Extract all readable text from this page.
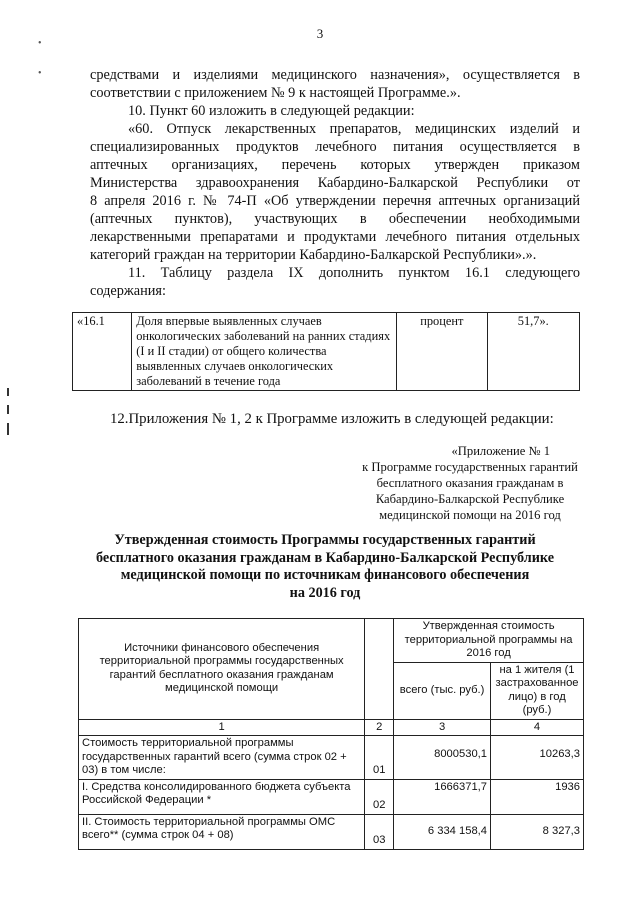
•
•
3
средствами и изделиями медицинского назначения», осуществляется в
соответствии с приложением № 9 к настоящей Программе.».
10. Пункт 60 изложить в следующей редакции:
«60. Отпуск лекарственных препаратов, медицинских изделий и
специализированных продуктов лечебного питания осуществляется в
аптечных организациях, перечень которых утвержден приказом
Министерства здравоохранения Кабардино-Балкарской Республики от
8 апреля 2016 г. № 74-П «Об утверждении перечня аптечных организаций
(аптечных пунктов), участвующих в обеспечении необходимыми
лекарственными препаратами и продуктами лечебного питания отдельных
категорий граждан на территории Кабардино-Балкарской Республики».».
11. Таблицу раздела IX дополнить пунктом 16.1 следующего
содержания:
«16.1	Доля впервые выявленных случаев онкологических заболеваний на ранних стадиях (I и II стадии) от общего количества выявленных случаев онкологических заболеваний в течение года	процент	51,7».
12.Приложения № 1, 2 к Программе изложить в следующей редакции:
«Приложение № 1
к Программе государственных гарантий
бесплатного оказания гражданам в
Кабардино-Балкарской Республике
медицинской помощи на 2016 год
Утвержденная стоимость Программы государственных гарантий
бесплатного оказания гражданам в Кабардино-Балкарской Республике
медицинской помощи по источникам финансового обеспечения
на 2016 год
Источники финансового обеспечения территориальной программы государственных гарантий бесплатного оказания гражданам медицинской помощи		Утвержденная стоимость территориальной программы на 2016 год	
		всего (тыс. руб.)	на 1 жителя (1 застрахованное лицо) в год (руб.)
1	2	3	4
Стоимость территориальной программы государственных гарантий всего (сумма строк 02 + 03) в том числе:	01	8000530,1	10263,3
I. Средства консолидированного бюджета субъекта Российской Федерации *	02	1666371,7	1936
II. Стоимость территориальной программы ОМС всего** (сумма строк 04 + 08)	03	6 334 158,4	8 327,3
